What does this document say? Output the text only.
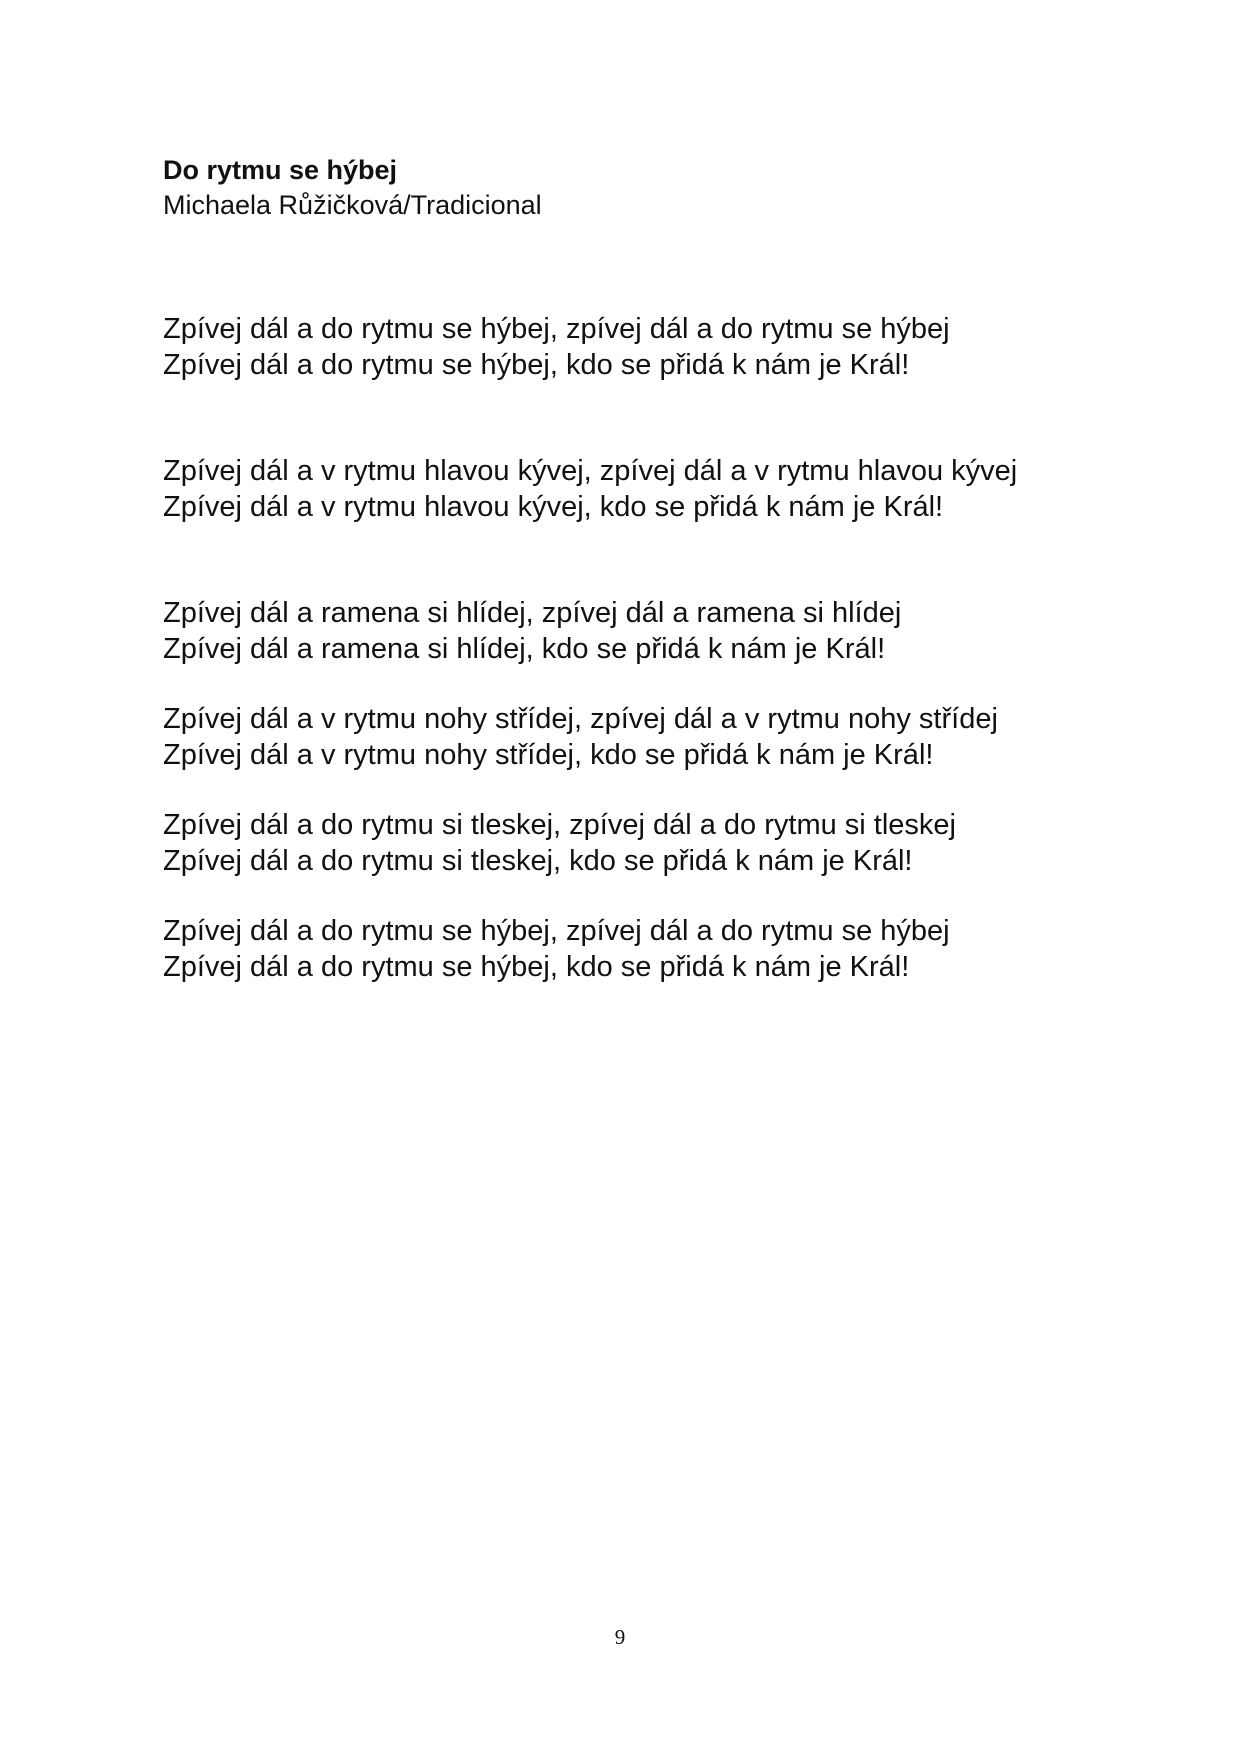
Do rytmu se hýbej

Michaela Růžičková/Tradicional

Zpívej dál a do rytmu se hýbej, zpívej dál a do rytmu se hýbej
Zpívej dál a do rytmu se hýbej, kdo se přidá k nám je Král!
Zpívej dál a v rytmu hlavou kývej, zpívej dál a v rytmu hlavou kývej
Zpívej dál a v rytmu hlavou kývej, kdo se přidá k nám je Král!
Zpívej dál a ramena si hlídej, zpívej dál a ramena si hlídej
Zpívej dál a ramena si hlídej, kdo se přidá k nám je Král!
Zpívej dál a v rytmu nohy střídej, zpívej dál a v rytmu nohy střídej
Zpívej dál a v rytmu nohy střídej, kdo se přidá k nám je Král!
Zpívej dál a do rytmu si tleskej, zpívej dál a do rytmu si tleskej
Zpívej dál a do rytmu si tleskej, kdo se přidá k nám je Král!
Zpívej dál a do rytmu se hýbej, zpívej dál a do rytmu se hýbej
Zpívej dál a do rytmu se hýbej, kdo se přidá k nám je Král!
9
